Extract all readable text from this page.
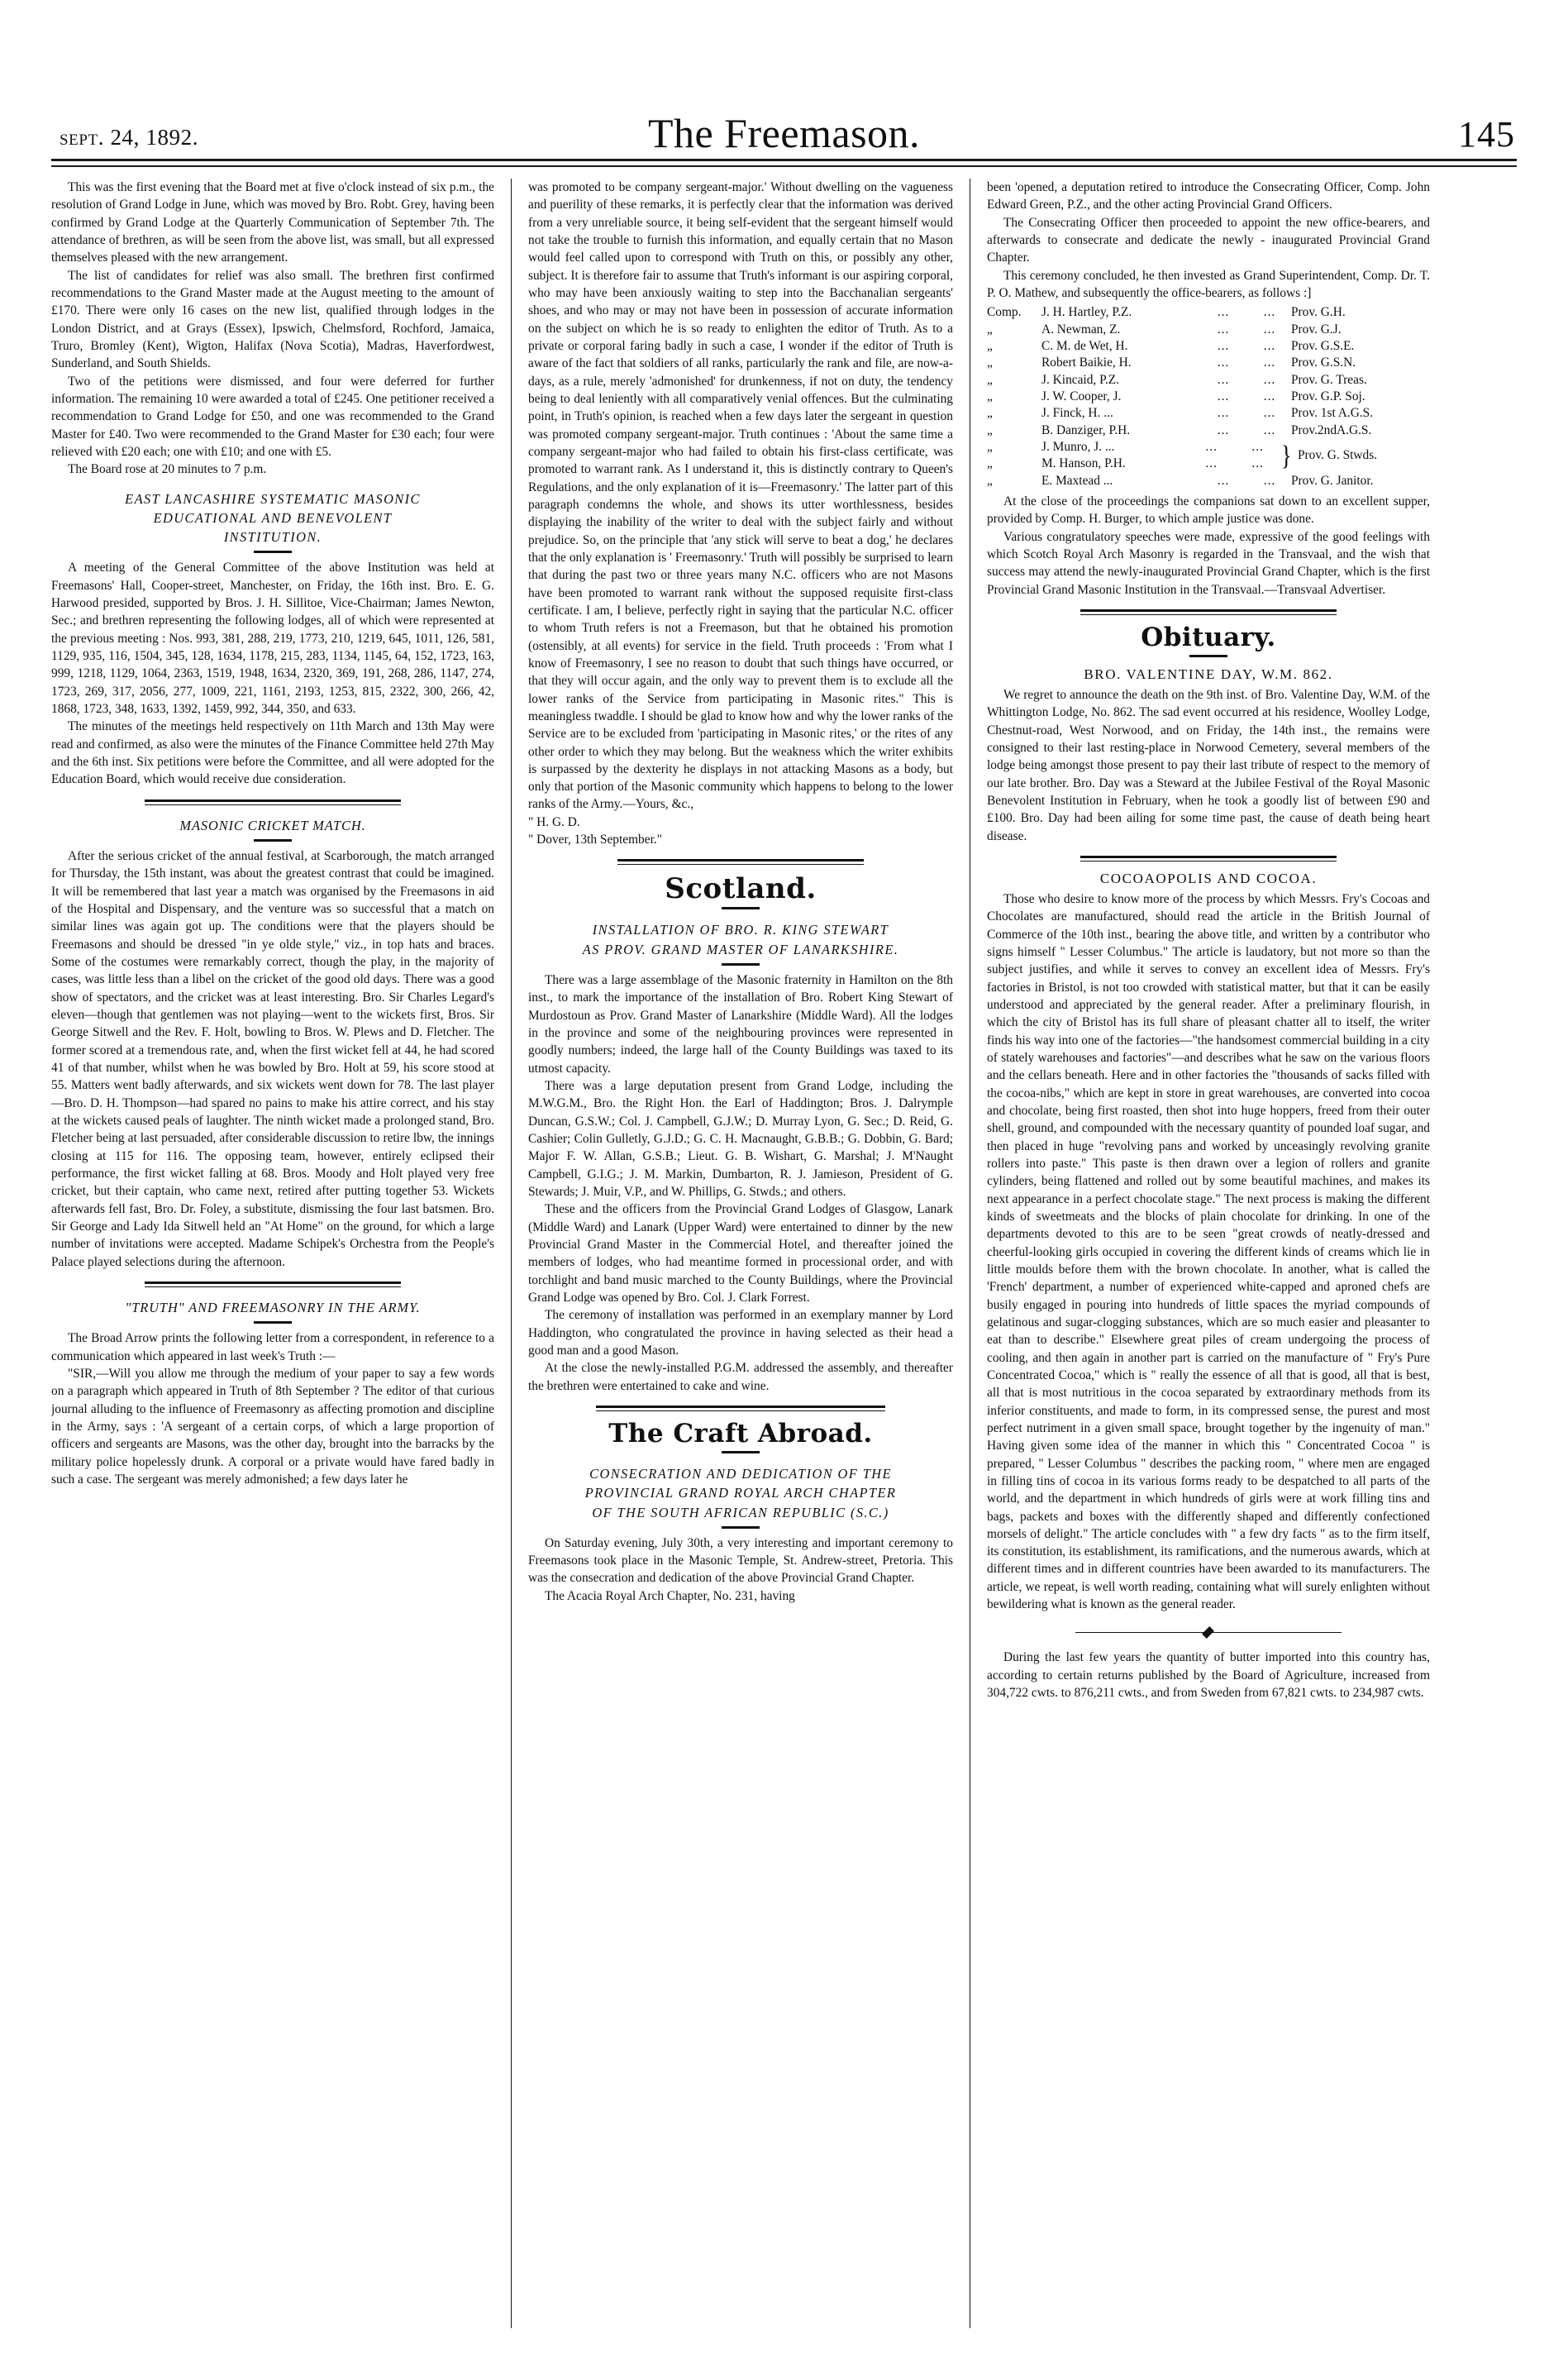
sept. 24, 1892.	The Freemason.	145

This was the first evening that the Board met at five o'clock instead of six p.m., the resolution of Grand Lodge in June, which was moved by Bro. Robt. Grey, having been confirmed by Grand Lodge at the Quarterly Communication of September 7th. The attendance of brethren, as will be seen from the above list, was small, but all expressed themselves pleased with the new arrangement.

The list of candidates for relief was also small. The brethren first confirmed recommendations to the Grand Master made at the August meeting to the amount of £170. There were only 16 cases on the new list, qualified through lodges in the London District, and at Grays (Essex), Ipswich, Chelmsford, Rochford, Jamaica, Truro, Bromley (Kent), Wigton, Halifax (Nova Scotia), Madras, Haverfordwest, Sunderland, and South Shields.

Two of the petitions were dismissed, and four were deferred for further information. The remaining 10 were awarded a total of £245. One petitioner received a recommendation to Grand Lodge for £50, and one was recommended to the Grand Master for £40. Two were recommended to the Grand Master for £30 each; four were relieved with £20 each; one with £10; and one with £5.

The Board rose at 20 minutes to 7 p.m.

EAST LANCASHIRE SYSTEMATIC MASONIC
EDUCATIONAL AND BENEVOLENT
INSTITUTION.

A meeting of the General Committee of the above Institution was held at Freemasons' Hall, Cooper-street, Manchester, on Friday, the 16th inst. Bro. E. G. Harwood presided, supported by Bros. J. H. Sillitoe, Vice-Chairman; James Newton, Sec.; and brethren representing the following lodges, all of which were represented at the previous meeting : Nos. 993, 381, 288, 219, 1773, 210, 1219, 645, 1011, 126, 581, 1129, 935, 116, 1504, 345, 128, 1634, 1178, 215, 283, 1134, 1145, 64, 152, 1723, 163, 999, 1218, 1129, 1064, 2363, 1519, 1948, 1634, 2320, 369, 191, 268, 286, 1147, 274, 1723, 269, 317, 2056, 277, 1009, 221, 1161, 2193, 1253, 815, 2322, 300, 266, 42, 1868, 1723, 348, 1633, 1392, 1459, 992, 344, 350, and 633.

The minutes of the meetings held respectively on 11th March and 13th May were read and confirmed, as also were the minutes of the Finance Committee held 27th May and the 6th inst. Six petitions were before the Committee, and all were adopted for the Education Board, which would receive due consideration.

MASONIC CRICKET MATCH.

After the serious cricket of the annual festival, at Scarborough, the match arranged for Thursday, the 15th instant, was about the greatest contrast that could be imagined. It will be remembered that last year a match was organised by the Freemasons in aid of the Hospital and Dispensary, and the venture was so successful that a match on similar lines was again got up. The conditions were that the players should be Freemasons and should be dressed "in ye olde style," viz., in top hats and braces. Some of the costumes were remarkably correct, though the play, in the majority of cases, was little less than a libel on the cricket of the good old days. There was a good show of spectators, and the cricket was at least interesting. Bro. Sir Charles Legard's eleven—though that gentlemen was not playing—went to the wickets first, Bros. Sir George Sitwell and the Rev. F. Holt, bowling to Bros. W. Plews and D. Fletcher. The former scored at a tremendous rate, and, when the first wicket fell at 44, he had scored 41 of that number, whilst when he was bowled by Bro. Holt at 59, his score stood at 55. Matters went badly afterwards, and six wickets went down for 78. The last player—Bro. D. H. Thompson—had spared no pains to make his attire correct, and his stay at the wickets caused peals of laughter. The ninth wicket made a prolonged stand, Bro. Fletcher being at last persuaded, after considerable discussion to retire lbw, the innings closing at 115 for 116. The opposing team, however, entirely eclipsed their performance, the first wicket falling at 68. Bros. Moody and Holt played very free cricket, but their captain, who came next, retired after putting together 53. Wickets afterwards fell fast, Bro. Dr. Foley, a substitute, dismissing the four last batsmen. Bro. Sir George and Lady Ida Sitwell held an "At Home" on the ground, for which a large number of invitations were accepted. Madame Schipek's Orchestra from the People's Palace played selections during the afternoon.

"TRUTH" AND FREEMASONRY IN THE ARMY.

The Broad Arrow prints the following letter from a correspondent, in reference to a communication which appeared in last week's Truth :—

"SIR,—Will you allow me through the medium of your paper to say a few words on a paragraph which appeared in Truth of 8th September ? The editor of that curious journal alluding to the influence of Freemasonry as affecting promotion and discipline in the Army, says : 'A sergeant of a certain corps, of which a large proportion of officers and sergeants are Masons, was the other day, brought into the barracks by the military police hopelessly drunk. A corporal or a private would have fared badly in such a case. The sergeant was merely admonished; a few days later he

was promoted to be company sergeant-major.' Without dwelling on the vagueness and puerility of these remarks, it is perfectly clear that the information was derived from a very unreliable source, it being self-evident that the sergeant himself would not take the trouble to furnish this information, and equally certain that no Mason would feel called upon to correspond with Truth on this, or possibly any other, subject. It is therefore fair to assume that Truth's informant is our aspiring corporal, who may have been anxiously waiting to step into the Bacchanalian sergeants' shoes, and who may or may not have been in possession of accurate information on the subject on which he is so ready to enlighten the editor of Truth. As to a private or corporal faring badly in such a case, I wonder if the editor of Truth is aware of the fact that soldiers of all ranks, particularly the rank and file, are now-a-days, as a rule, merely 'admonished' for drunkenness, if not on duty, the tendency being to deal leniently with all comparatively venial offences. But the culminating point, in Truth's opinion, is reached when a few days later the sergeant in question was promoted company sergeant-major. Truth continues : 'About the same time a company sergeant-major who had failed to obtain his first-class certificate, was promoted to warrant rank. As I understand it, this is distinctly contrary to Queen's Regulations, and the only explanation of it is—Freemasonry.' The latter part of this paragraph condemns the whole, and shows its utter worthlessness, besides displaying the inability of the writer to deal with the subject fairly and without prejudice. So, on the principle that 'any stick will serve to beat a dog,' he declares that the only explanation is ' Freemasonry.' Truth will possibly be surprised to learn that during the past two or three years many N.C. officers who are not Masons have been promoted to warrant rank without the supposed requisite first-class certificate. I am, I believe, perfectly right in saying that the particular N.C. officer to whom Truth refers is not a Freemason, but that he obtained his promotion (ostensibly, at all events) for service in the field. Truth proceeds : 'From what I know of Freemasonry, I see no reason to doubt that such things have occurred, or that they will occur again, and the only way to prevent them is to exclude all the lower ranks of the Service from participating in Masonic rites." This is meaningless twaddle. I should be glad to know how and why the lower ranks of the Service are to be excluded from 'participating in Masonic rites,' or the rites of any other order to which they may belong. But the weakness which the writer exhibits is surpassed by the dexterity he displays in not attacking Masons as a body, but only that portion of the Masonic community which happens to belong to the lower ranks of the Army.—Yours, &c.,

" H. G. D.

" Dover, 13th September."

Scotland.
INSTALLATION OF BRO. R. KING STEWART
AS PROV. GRAND MASTER OF LANARKSHIRE.

There was a large assemblage of the Masonic fraternity in Hamilton on the 8th inst., to mark the importance of the installation of Bro. Robert King Stewart of Murdostoun as Prov. Grand Master of Lanarkshire (Middle Ward). All the lodges in the province and some of the neighbouring provinces were represented in goodly numbers; indeed, the large hall of the County Buildings was taxed to its utmost capacity.

There was a large deputation present from Grand Lodge, including the M.W.G.M., Bro. the Right Hon. the Earl of Haddington; Bros. J. Dalrymple Duncan, G.S.W.; Col. J. Campbell, G.J.W.; D. Murray Lyon, G. Sec.; D. Reid, G. Cashier; Colin Gulletly, G.J.D.; G. C. H. Macnaught, G.B.B.; G. Dobbin, G. Bard; Major F. W. Allan, G.S.B.; Lieut. G. B. Wishart, G. Marshal; J. M'Naught Campbell, G.I.G.; J. M. Markin, Dumbarton, R. J. Jamieson, President of G. Stewards; J. Muir, V.P., and W. Phillips, G. Stwds.; and others.

These and the officers from the Provincial Grand Lodges of Glasgow, Lanark (Middle Ward) and Lanark (Upper Ward) were entertained to dinner by the new Provincial Grand Master in the Commercial Hotel, and thereafter joined the members of lodges, who had meantime formed in processional order, and with torchlight and band music marched to the County Buildings, where the Provincial Grand Lodge was opened by Bro. Col. J. Clark Forrest.

The ceremony of installation was performed in an exemplary manner by Lord Haddington, who congratulated the province in having selected as their head a good man and a good Mason.

At the close the newly-installed P.G.M. addressed the assembly, and thereafter the brethren were entertained to cake and wine.

The Craft Abroad.
CONSECRATION AND DEDICATION OF THE
PROVINCIAL GRAND ROYAL ARCH CHAPTER
OF THE SOUTH AFRICAN REPUBLIC (S.C.)

On Saturday evening, July 30th, a very interesting and important ceremony to Freemasons took place in the Masonic Temple, St. Andrew-street, Pretoria. This was the consecration and dedication of the above Provincial Grand Chapter.

The Acacia Royal Arch Chapter, No. 231, having

been 'opened, a deputation retired to introduce the Consecrating Officer, Comp. John Edward Green, P.Z., and the other acting Provincial Grand Officers.

The Consecrating Officer then proceeded to appoint the new office-bearers, and afterwards to consecrate and dedicate the newly - inaugurated Provincial Grand Chapter.

This ceremony concluded, he then invested as Grand Superintendent, Comp. Dr. T. P. O. Mathew, and subsequently the office-bearers, as follows :]

Comp.	J. H. Hartley, P.Z.	...	...	Prov. G.H.
„	A. Newman, Z.	...	...	Prov. G.J.
„	C. M. de Wet, H.	...	...	Prov. G.S.E.
„	Robert Baikie, H.	...	...	Prov. G.S.N.
„	J. Kincaid, P.Z.	...	...	Prov. G. Treas.
„	J. W. Cooper, J.	...	...	Prov. G.P. Soj.
„	J. Finck, H. ...	...	...	Prov. 1st A.G.S.
„	B. Danziger, P.H.	...	...	Prov.2ndA.G.S.
„	J. Munro, J. ...	...	...
„	M. Hanson, P.H.	...	... } Prov. G. Stwds.
„	E. Maxtead ...	...	...	Prov. G. Janitor.

At the close of the proceedings the companions sat down to an excellent supper, provided by Comp. H. Burger, to which ample justice was done.

Various congratulatory speeches were made, expressive of the good feelings with which Scotch Royal Arch Masonry is regarded in the Transvaal, and the wish that success may attend the newly-inaugurated Provincial Grand Chapter, which is the first Provincial Grand Masonic Institution in the Transvaal.—Transvaal Advertiser.

Obituary.
BRO. VALENTINE DAY, W.M. 862.

We regret to announce the death on the 9th inst. of Bro. Valentine Day, W.M. of the Whittington Lodge, No. 862. The sad event occurred at his residence, Woolley Lodge, Chestnut-road, West Norwood, and on Friday, the 14th inst., the remains were consigned to their last resting-place in Norwood Cemetery, several members of the lodge being amongst those present to pay their last tribute of respect to the memory of our late brother. Bro. Day was a Steward at the Jubilee Festival of the Royal Masonic Benevolent Institution in February, when he took a goodly list of between £90 and £100. Bro. Day had been ailing for some time past, the cause of death being heart disease.

COCOAOPOLIS AND COCOA.

Those who desire to know more of the process by which Messrs. Fry's Cocoas and Chocolates are manufactured, should read the article in the British Journal of Commerce of the 10th inst., bearing the above title, and written by a contributor who signs himself " Lesser Columbus." The article is laudatory, but not more so than the subject justifies, and while it serves to convey an excellent idea of Messrs. Fry's factories in Bristol, is not too crowded with statistical matter, but that it can be easily understood and appreciated by the general reader. After a preliminary flourish, in which the city of Bristol has its full share of pleasant chatter all to itself, the writer finds his way into one of the factories—"the handsomest commercial building in a city of stately warehouses and factories"—and describes what he saw on the various floors and the cellars beneath. Here and in other factories the "thousands of sacks filled with the cocoa-nibs," which are kept in store in great warehouses, are converted into cocoa and chocolate, being first roasted, then shot into huge hoppers, freed from their outer shell, ground, and compounded with the necessary quantity of pounded loaf sugar, and then placed in huge "revolving pans and worked by unceasingly revolving granite rollers into paste." This paste is then drawn over a legion of rollers and granite cylinders, being flattened and rolled out by some beautiful machines, and makes its next appearance in a perfect chocolate stage." The next process is making the different kinds of sweetmeats and the blocks of plain chocolate for drinking. In one of the departments devoted to this are to be seen "great crowds of neatly-dressed and cheerful-looking girls occupied in covering the different kinds of creams which lie in little moulds before them with the brown chocolate. In another, what is called the 'French' department, a number of experienced white-capped and aproned chefs are busily engaged in pouring into hundreds of little spaces the myriad compounds of gelatinous and sugar-clogging substances, which are so much easier and pleasanter to eat than to describe." Elsewhere great piles of cream undergoing the process of cooling, and then again in another part is carried on the manufacture of " Fry's Pure Concentrated Cocoa," which is " really the essence of all that is good, all that is best, all that is most nutritious in the cocoa separated by extraordinary methods from its inferior constituents, and made to form, in its compressed sense, the purest and most perfect nutriment in a given small space, brought together by the ingenuity of man." Having given some idea of the manner in which this " Concentrated Cocoa " is prepared, " Lesser Columbus " describes the packing room, " where men are engaged in filling tins of cocoa in its various forms ready to be despatched to all parts of the world, and the department in which hundreds of girls were at work filling tins and bags, packets and boxes with the differently shaped and differently confectioned morsels of delight." The article concludes with " a few dry facts " as to the firm itself, its constitution, its establishment, its ramifications, and the numerous awards, which at different times and in different countries have been awarded to its manufacturers. The article, we repeat, is well worth reading, containing what will surely enlighten without bewildering what is known as the general reader.

During the last few years the quantity of butter imported into this country has, according to certain returns published by the Board of Agriculture, increased from 304,722 cwts. to 876,211 cwts., and from Sweden from 67,821 cwts. to 234,987 cwts.
